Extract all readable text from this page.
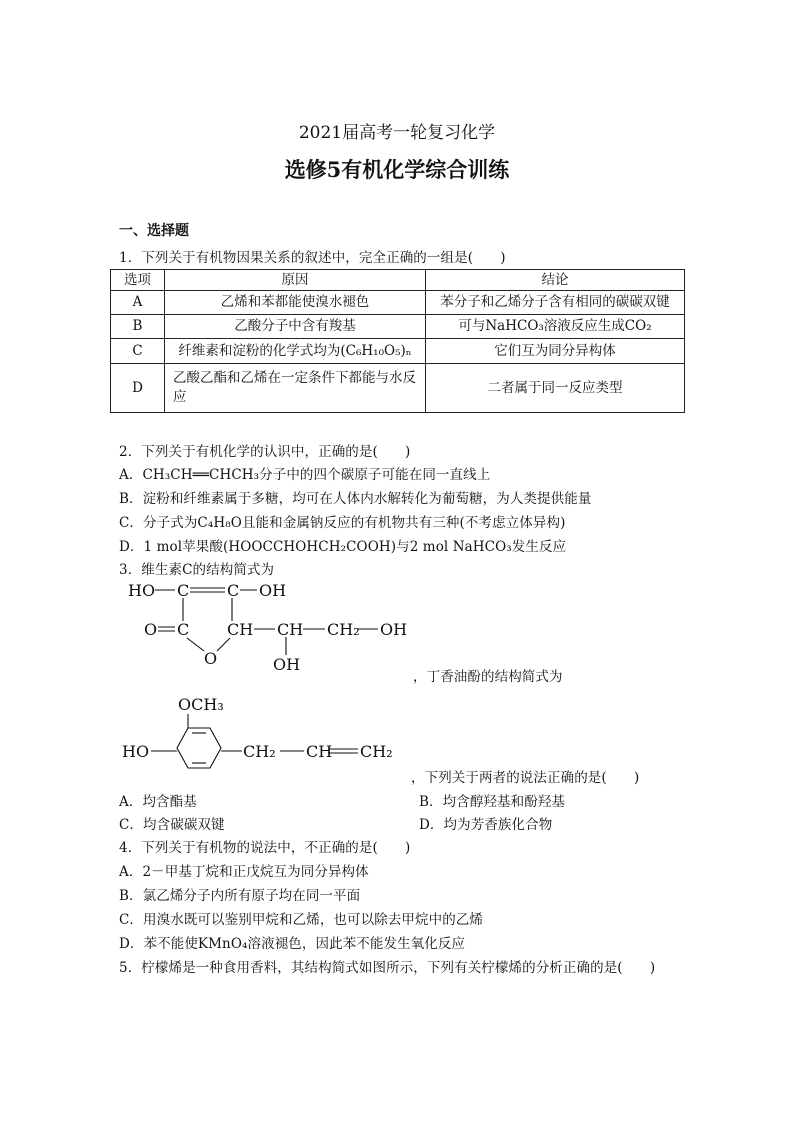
2021届高考一轮复习化学
选修5有机化学综合训练
一、选择题
1．下列关于有机物因果关系的叙述中，完全正确的一组是(　　)
选项	原因	结论
A	乙烯和苯都能使溴水褪色	苯分子和乙烯分子含有相同的碳碳双键
B	乙酸分子中含有羧基	可与NaHCO₃溶液反应生成CO₂
C	纤维素和淀粉的化学式均为(C₆H₁₀O₅)ₙ	它们互为同分异构体
D	乙酸乙酯和乙烯在一定条件下都能与水反应	二者属于同一反应类型
2．下列关于有机化学的认识中，正确的是(　　)
A．CH₃CH══CHCH₃分子中的四个碳原子可能在同一直线上
B．淀粉和纤维素属于多糖，均可在人体内水解转化为葡萄糖，为人类提供能量
C．分子式为C₄H₈O且能和金属钠反应的有机物共有三种(不考虑立体异构)
D．1 mol苹果酸(HOOCCHOHCH₂COOH)与2 mol NaHCO₃发生反应
3．维生素C的结构简式为
HO C C OH
O C CH CH CH₂ OH
O	OH
，丁香油酚的结构简式为
OCH₃
HO	CH₂ CH CH₂
，下列关于两者的说法正确的是(　　)
A．均含酯基	B．均含醇羟基和酚羟基
C．均含碳碳双键	D．均为芳香族化合物
4．下列关于有机物的说法中，不正确的是(　　)
A．2－甲基丁烷和正戊烷互为同分异构体
B．氯乙烯分子内所有原子均在同一平面
C．用溴水既可以鉴别甲烷和乙烯，也可以除去甲烷中的乙烯
D．苯不能使KMnO₄溶液褪色，因此苯不能发生氧化反应
5．柠檬烯是一种食用香料，其结构简式如图所示，下列有关柠檬烯的分析正确的是(　　)
